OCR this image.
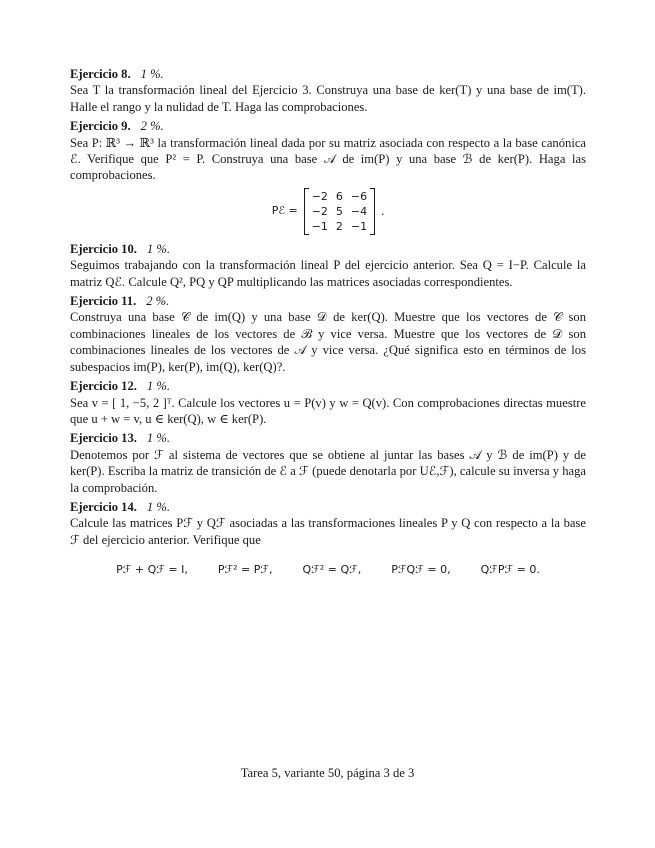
Ejercicio 8. 1 %.
Sea T la transformación lineal del Ejercicio 3. Construya una base de ker(T) y una base de im(T). Halle el rango y la nulidad de T. Haga las comprobaciones.
Ejercicio 9. 2 %.
Sea P: ℝ³ → ℝ³ la transformación lineal dada por su matriz asociada con respecto a la base canónica ℰ. Verifique que P² = P. Construya una base 𝒜 de im(P) y una base ℬ de ker(P). Haga las comprobaciones.
Pℰ =
−2 6 −6
−2 5 −4
−1 2 −1
.
Ejercicio 10. 1 %.
Seguimos trabajando con la transformación lineal P del ejercicio anterior. Sea Q = I−P. Calcule la matriz Qℰ. Calcule Q², PQ y QP multiplicando las matrices asociadas correspondientes.
Ejercicio 11. 2 %.
Construya una base 𝒞 de im(Q) y una base 𝒟 de ker(Q). Muestre que los vectores de 𝒞 son combinaciones lineales de los vectores de ℬ y vice versa. Muestre que los vectores de 𝒟 son combinaciones lineales de los vectores de 𝒜 y vice versa. ¿Qué significa esto en términos de los subespacios im(P), ker(P), im(Q), ker(Q)?.
Ejercicio 12. 1 %.
Sea v = [ 1, −5, 2 ]ᵀ. Calcule los vectores u = P(v) y w = Q(v). Con comprobaciones directas muestre que u + w = v, u ∈ ker(Q), w ∈ ker(P).
Ejercicio 13. 1 %.
Denotemos por ℱ al sistema de vectores que se obtiene al juntar las bases 𝒜 y ℬ de im(P) y de ker(P). Escriba la matriz de transición de ℰ a ℱ (puede denotarla por Uℰ,ℱ), calcule su inversa y haga la comprobación.
Ejercicio 14. 1 %.
Calcule las matrices Pℱ y Qℱ asociadas a las transformaciones lineales P y Q con respecto a la base ℱ del ejercicio anterior. Verifique que
Pℱ + Qℱ = I,	Pℱ² = Pℱ,	Qℱ² = Qℱ,	PℱQℱ = 0,	QℱPℱ = 0.
Tarea 5, variante 50, página 3 de 3
